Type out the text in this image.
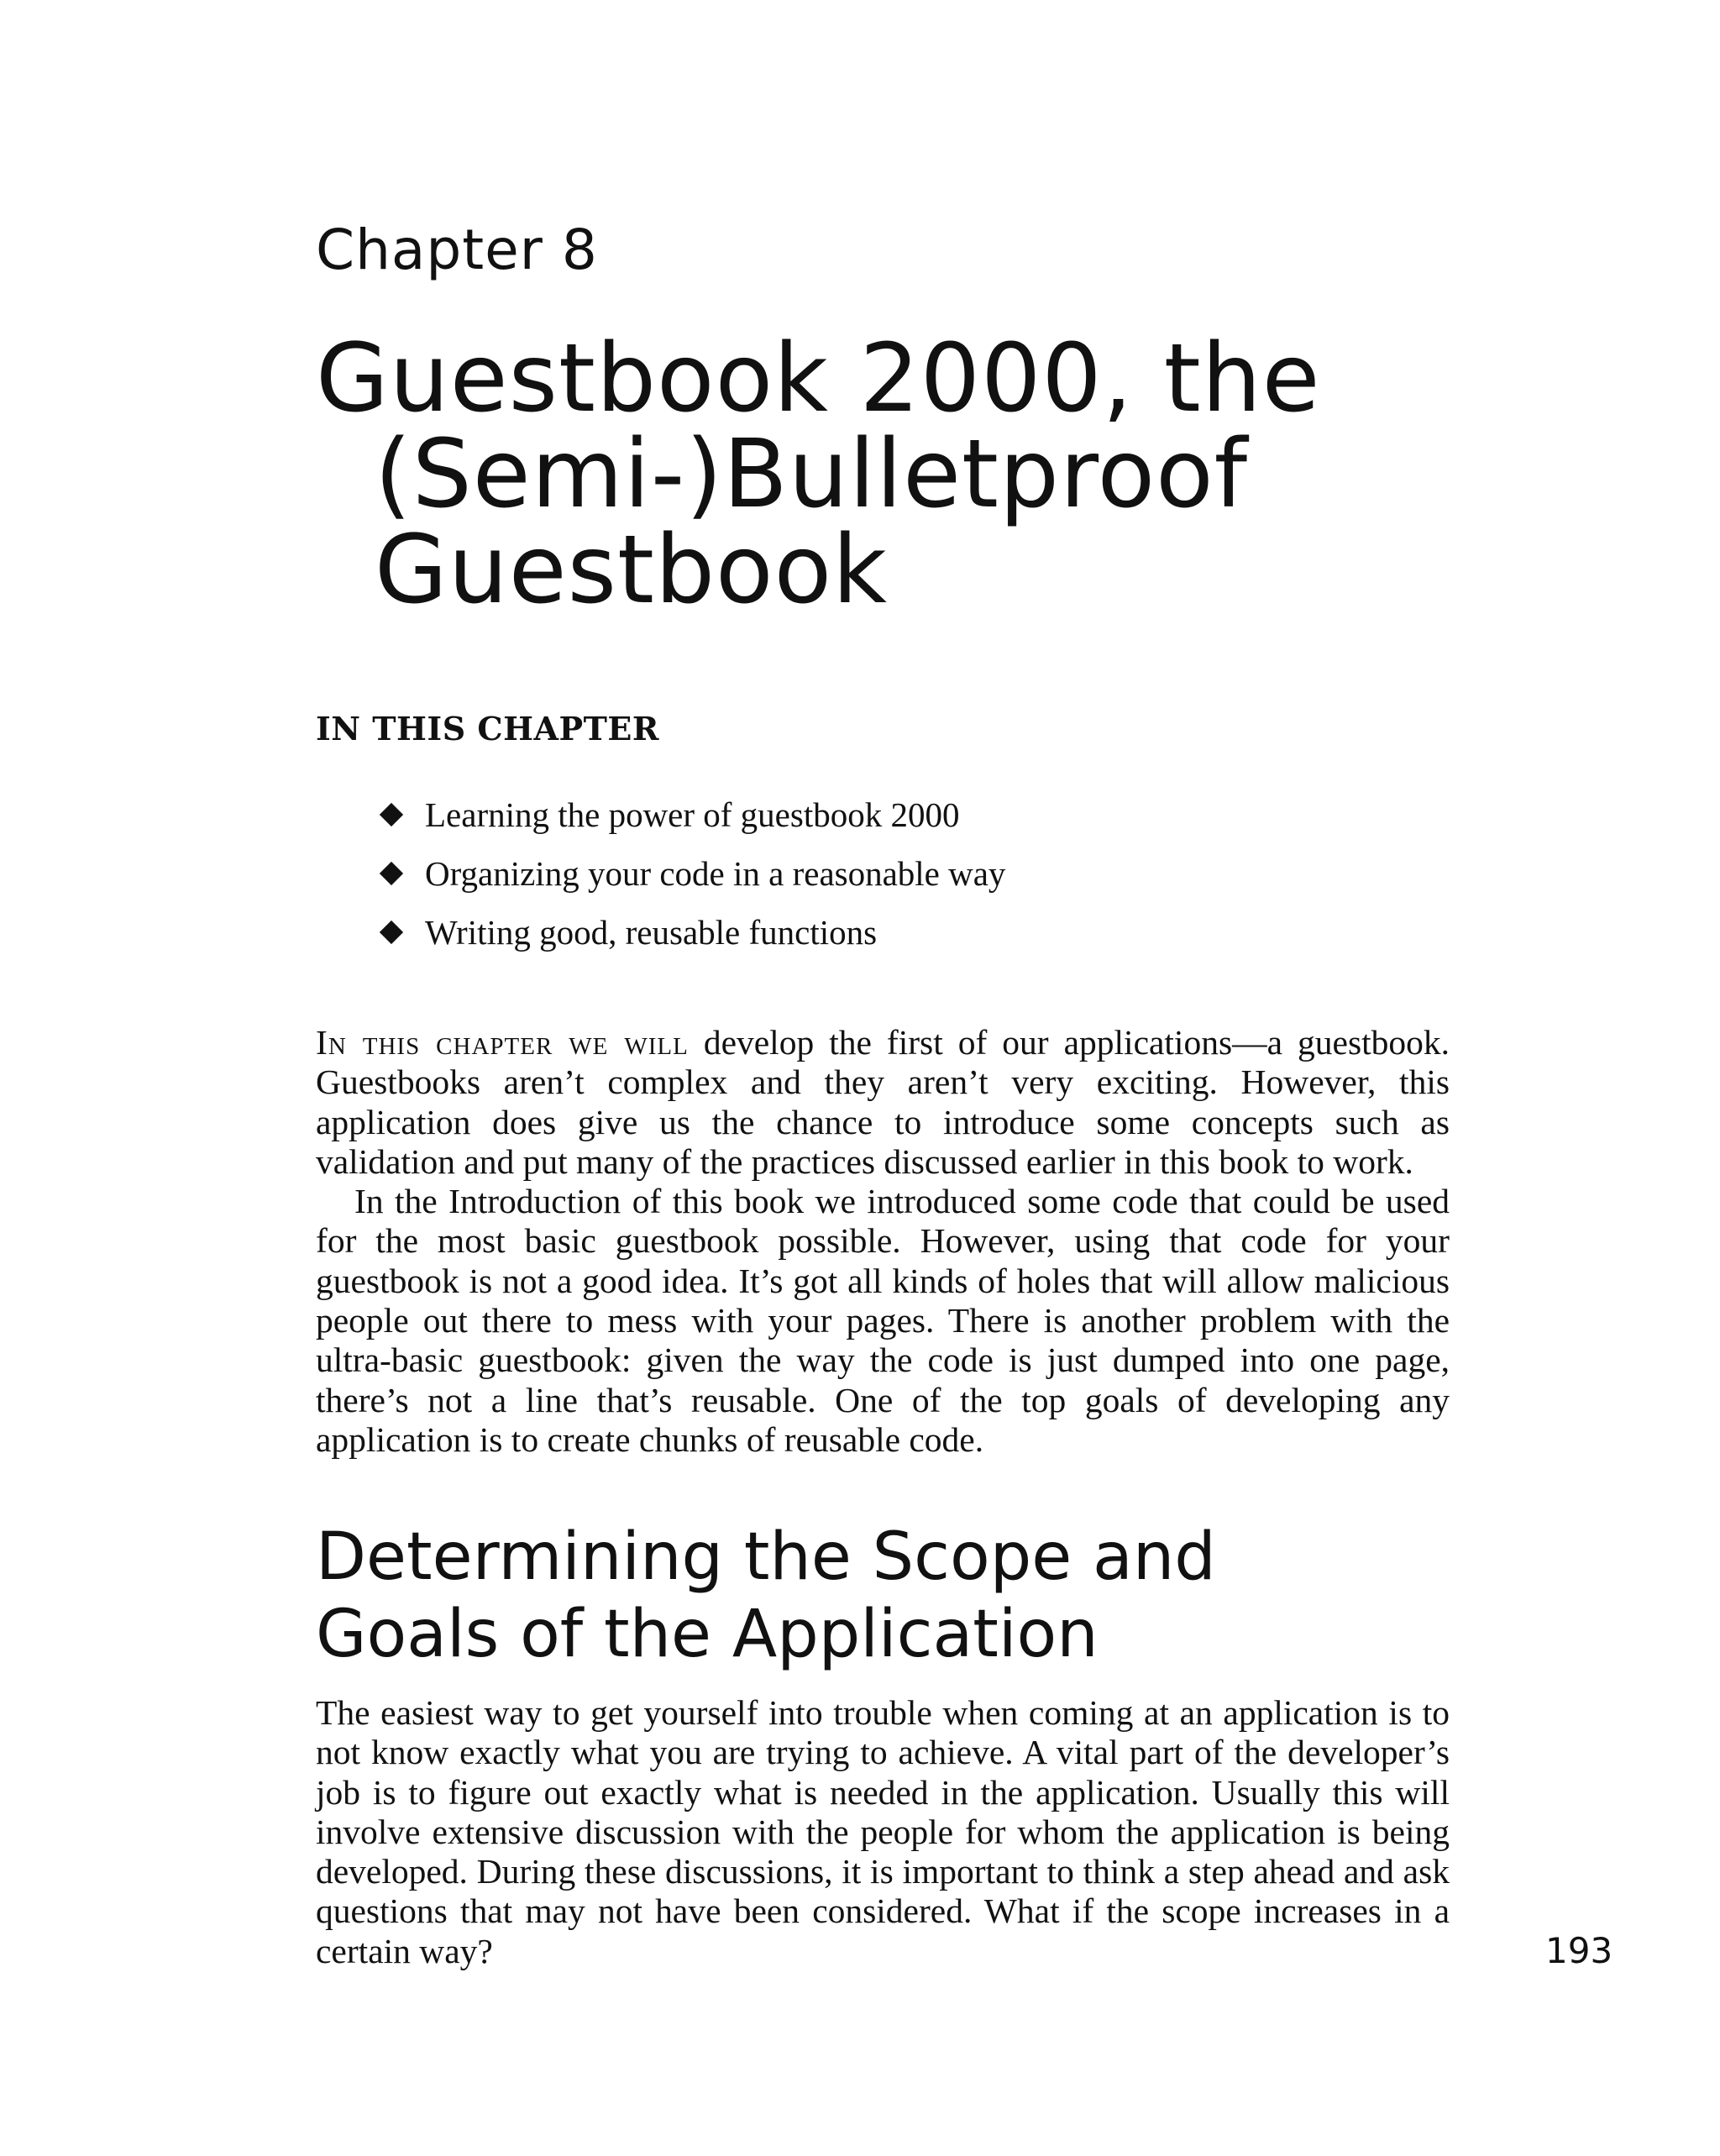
Chapter 8
Guestbook 2000, the
(Semi-)Bulletproof
Guestbook
IN THIS CHAPTER
Learning the power of guestbook 2000
Organizing your code in a reasonable way
Writing good, reusable functions

In this chapter we will develop the first of our applications—a guestbook. Guestbooks aren’t complex and they aren’t very exciting. However, this application does give us the chance to introduce some concepts such as validation and put many of the practices discussed earlier in this book to work.

In the Introduction of this book we introduced some code that could be used for the most basic guestbook possible. However, using that code for your guestbook is not a good idea. It’s got all kinds of holes that will allow malicious people out there to mess with your pages. There is another problem with the ultra-basic guestbook: given the way the code is just dumped into one page, there’s not a line that’s reusable. One of the top goals of developing any application is to create chunks of reusable code.

Determining the Scope and
Goals of the Application

The easiest way to get yourself into trouble when coming at an application is to not know exactly what you are trying to achieve. A vital part of the developer’s job is to figure out exactly what is needed in the application. Usually this will involve extensive discussion with the people for whom the application is being developed. During these discussions, it is important to think a step ahead and ask questions that may not have been considered. What if the scope increases in a certain way?	193
